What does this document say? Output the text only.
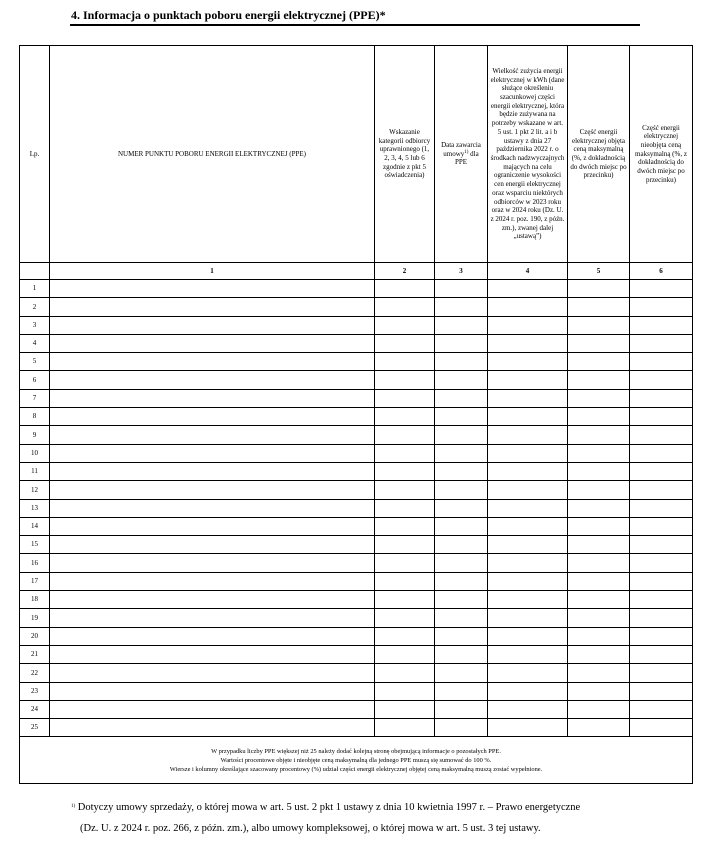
4. Informacja o punktach poboru energii elektrycznej (PPE)*
Lp.	NUMER PUNKTU POBORU ENERGII ELEKTRYCZNEJ (PPE)	Wskazanie kategorii odbiorcy uprawnionego (1, 2, 3, 4, 5 lub 6 zgodnie z pkt 5 oświadczenia)	Data zawarcia umowy$^{1)}$ dla PPE	Wielkość zużycia energii elektrycznej w kWh (dane służące określeniu szacunkowej części energii elektrycznej, która będzie zużywana na potrzeby wskazane w art. 5 ust. 1 pkt 2 lit. a i b ustawy z dnia 27 października 2022 r. o środkach nadzwyczajnych mających na celu ograniczenie wysokości cen energii elektrycznej oraz wsparciu niektórych odbiorców w 2023 roku oraz w 2024 roku (Dz. U. z 2024 r. poz. 190, z późn. zm.), zwanej dalej „ustawą”)	Część energii elektrycznej objęta ceną maksymalną (%, z dokładnością do dwóch miejsc po przecinku)	Część energii elektrycznej nieobjęta ceną maksymalną (%, z dokładnością do dwóch miejsc po przecinku)

	1	2	3	4	5	6
1						
2						
3						
4						
5						
6						
7						
8						
9						
10						
11						
12						
13						
14						
15						
16						
17						
18						
19						
20						
21						
22						
23						
24						
25						

W przypadku liczby PPE większej niż 25 należy dodać kolejną stronę obejmującą informacje o pozostałych PPE.
Wartości procentowe objęte i nieobjęte ceną maksymalną dla jednego PPE muszą się sumować do 100 %.
Wiersze i kolumny określające szacowany procentowy (%) udział części energii elektrycznej objętej ceną maksymalną muszą zostać wypełnione.						
$^{1)}$ Dotyczy umowy sprzedaży, o której mowa w art. 5 ust. 2 pkt 1 ustawy z dnia 10 kwietnia 1997 r. – Prawo energetyczne
(Dz. U. z 2024 r. poz. 266, z późn. zm.), albo umowy kompleksowej, o której mowa w art. 5 ust. 3 tej ustawy.
